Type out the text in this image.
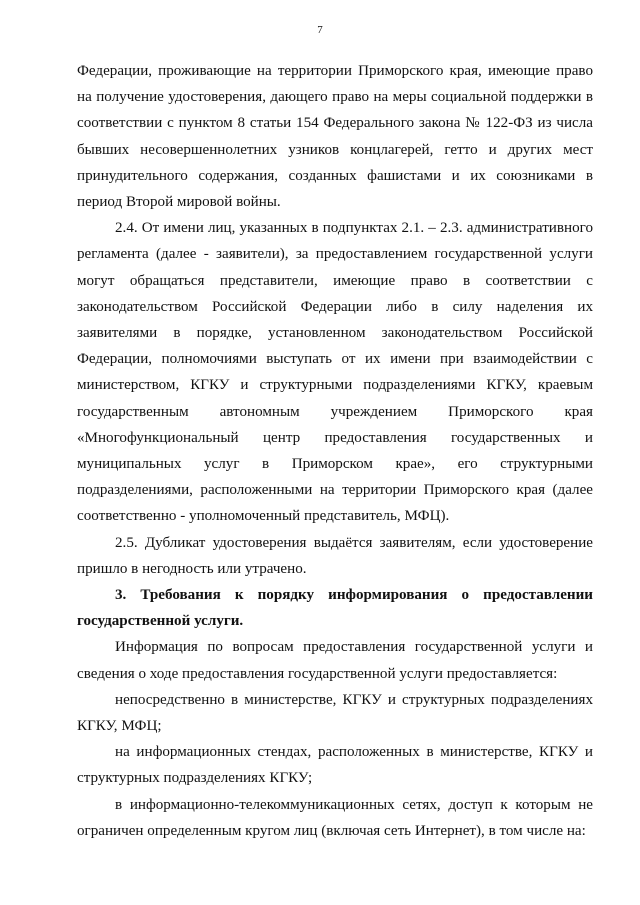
7

Федерации, проживающие на территории Приморского края, имеющие право на получение удостоверения, дающего право на меры социальной поддержки в соответствии с пунктом 8 статьи 154 Федерального закона № 122-ФЗ из числа бывших несовершеннолетних узников концлагерей, гетто и других мест принудительного содержания, созданных фашистами и их союзниками в период Второй мировой войны.

2.4. От имени лиц, указанных в подпунктах 2.1. – 2.3. административного регламента (далее - заявители), за предоставлением государственной услуги могут обращаться представители, имеющие право в соответствии с законодательством Российской Федерации либо в силу наделения их заявителями в порядке, установленном законодательством Российской Федерации, полномочиями выступать от их имени при взаимодействии с министерством, КГКУ и структурными подразделениями КГКУ, краевым государственным автономным учреждением Приморского края «Многофункциональный центр предоставления государственных и муниципальных услуг в Приморском крае», его структурными подразделениями, расположенными на территории Приморского края (далее соответственно - уполномоченный представитель, МФЦ).

2.5. Дубликат удостоверения выдаётся заявителям, если удостоверение пришло в негодность или утрачено.

3. Требования к порядку информирования о предоставлении государственной услуги.

Информация по вопросам предоставления государственной услуги и сведения о ходе предоставления государственной услуги предоставляется:

непосредственно в министерстве, КГКУ и структурных подразделениях КГКУ, МФЦ;

на информационных стендах, расположенных в министерстве, КГКУ и структурных подразделениях КГКУ;

в информационно-телекоммуникационных сетях, доступ к которым не ограничен определенным кругом лиц (включая сеть Интернет), в том числе на:
